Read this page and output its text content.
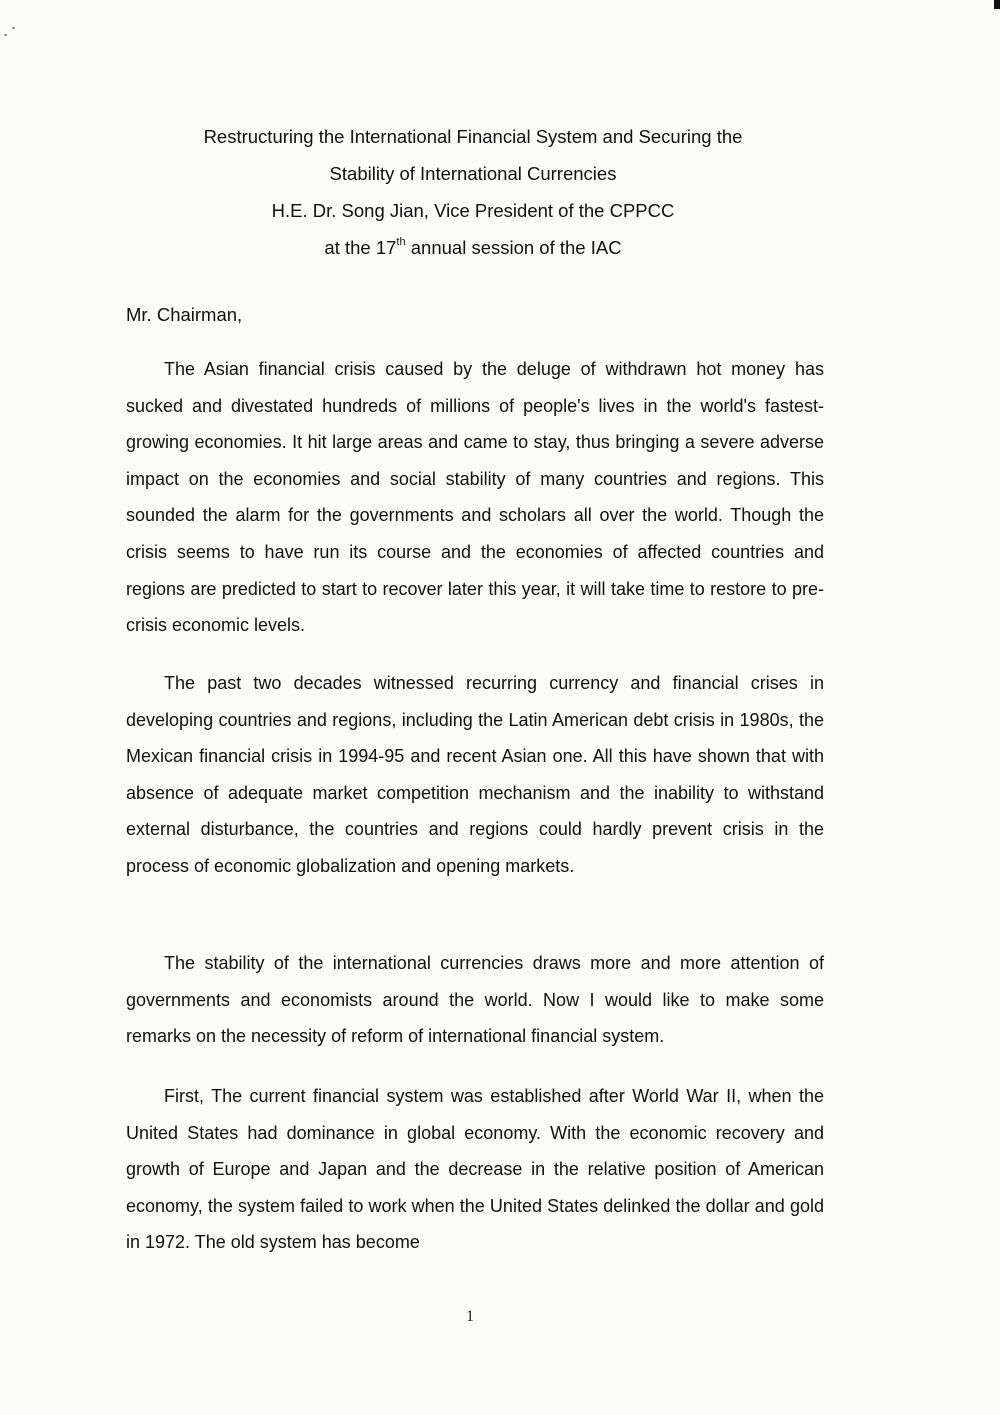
Restructuring the International Financial System and Securing the
Stability of International Currencies
H.E. Dr. Song Jian, Vice President of the CPPCC
at the 17th annual session of the IAC
Mr. Chairman,

The Asian financial crisis caused by the deluge of withdrawn hot money has sucked and divestated hundreds of millions of people's lives in the world's fastest-growing economies. It hit large areas and came to stay, thus bringing a severe adverse impact on the economies and social stability of many countries and regions. This sounded the alarm for the governments and scholars all over the world. Though the crisis seems to have run its course and the economies of affected countries and regions are predicted to start to recover later this year, it will take time to restore to pre-crisis economic levels.

The past two decades witnessed recurring currency and financial crises in developing countries and regions, including the Latin American debt crisis in 1980s, the Mexican financial crisis in 1994-95 and recent Asian one. All this have shown that with absence of adequate market competition mechanism and the inability to withstand external disturbance, the countries and regions could hardly prevent crisis in the process of economic globalization and opening markets.

The stability of the international currencies draws more and more attention of governments and economists around the world. Now I would like to make some remarks on the necessity of reform of international financial system.

First, The current financial system was established after World War II, when the United States had dominance in global economy. With the economic recovery and growth of Europe and Japan and the decrease in the relative position of American economy, the system failed to work when the United States delinked the dollar and gold in 1972. The old system has become

1
